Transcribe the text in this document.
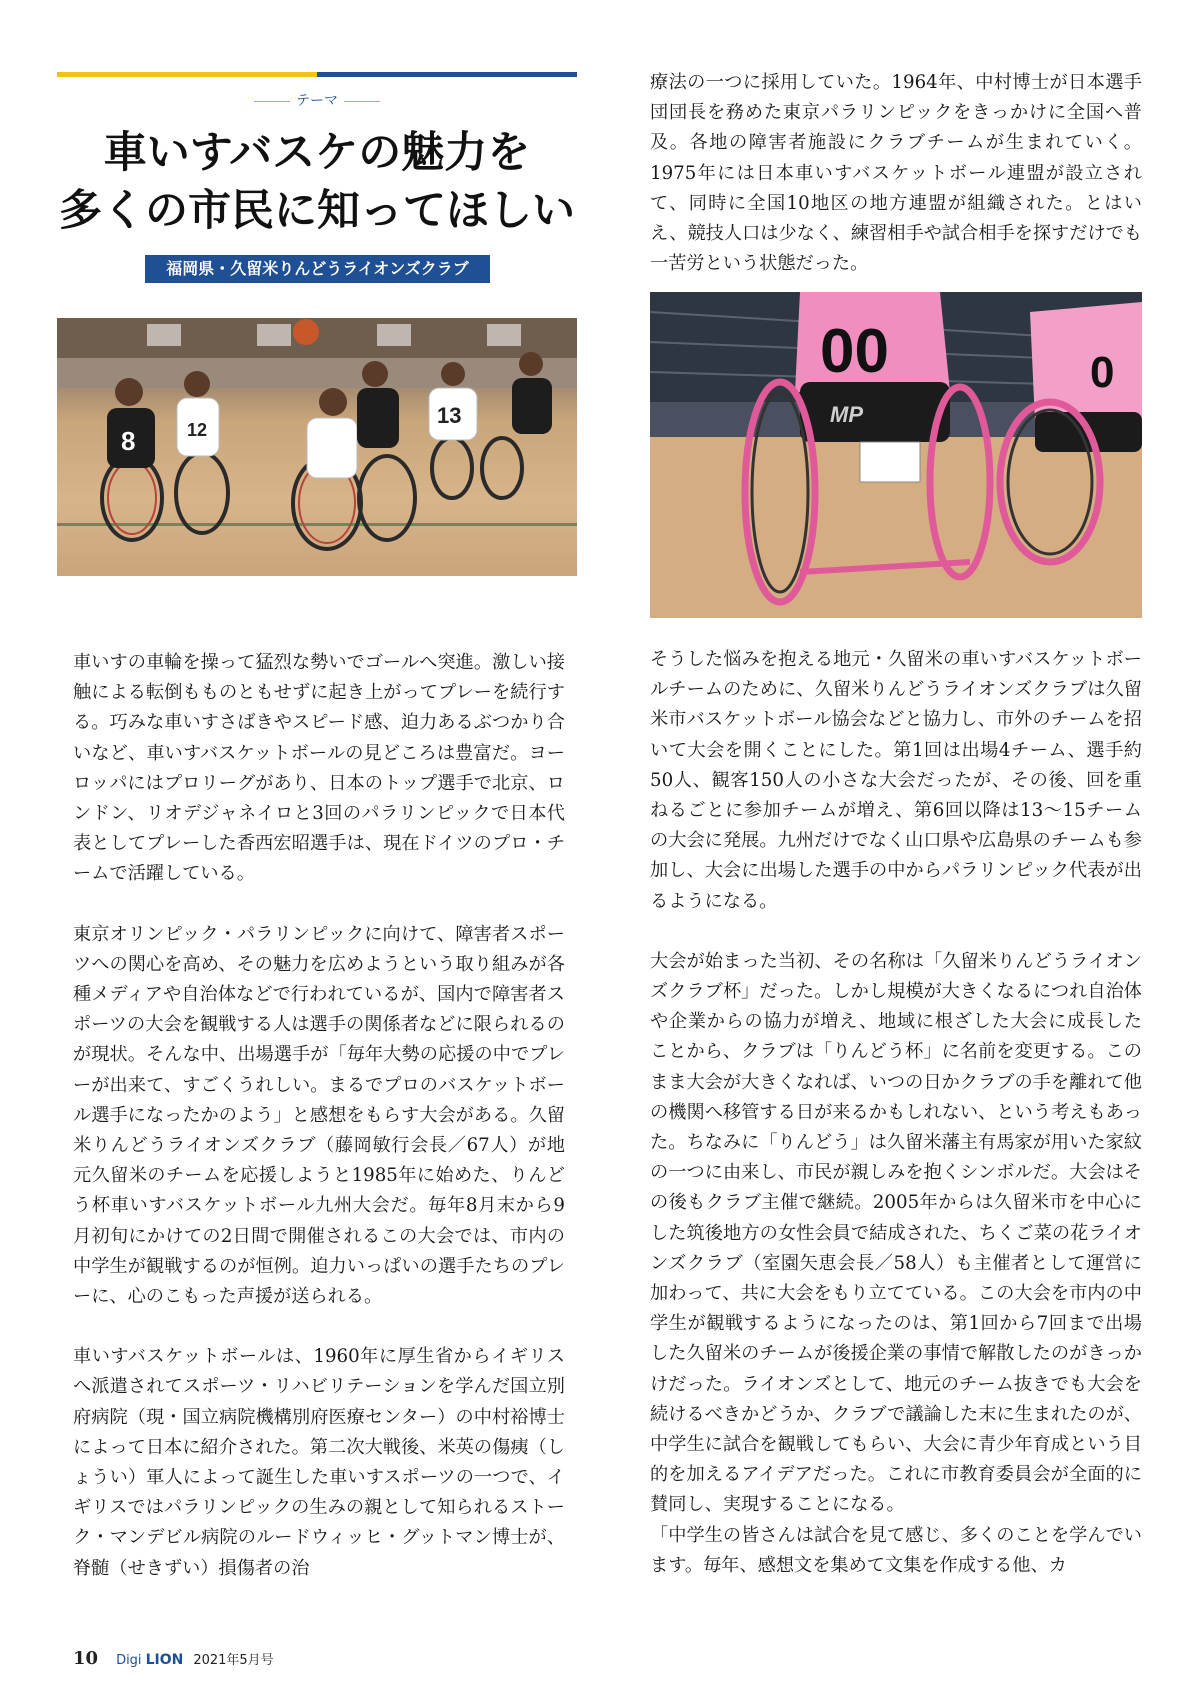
テーマ
車いすバスケの魅力を
多くの市民に知ってほしい
福岡県・久留米りんどうライオンズクラブ
8	12
13	MP
00	0

療法の一つに採用していた。1964年、中村博士が日本選手団団長を務めた東京パラリンピックをきっかけに全国へ普及。各地の障害者施設にクラブチームが生まれていく。1975年には日本車いすバスケットボール連盟が設立されて、同時に全国10地区の地方連盟が組織された。とはいえ、競技人口は少なく、練習相手や試合相手を探すだけでも一苦労という状態だった。

車いすの車輪を操って猛烈な勢いでゴールへ突進。激しい接触による転倒もものともせずに起き上がってプレーを続行する。巧みな車いすさばきやスピード感、迫力あるぶつかり合いなど、車いすバスケットボールの見どころは豊富だ。ヨーロッパにはプロリーグがあり、日本のトップ選手で北京、ロンドン、リオデジャネイロと3回のパラリンピックで日本代表としてプレーした香西宏昭選手は、現在ドイツのプロ・チームで活躍している。

東京オリンピック・パラリンピックに向けて、障害者スポーツへの関心を高め、その魅力を広めようという取り組みが各種メディアや自治体などで行われているが、国内で障害者スポーツの大会を観戦する人は選手の関係者などに限られるのが現状。そんな中、出場選手が「毎年大勢の応援の中でプレーが出来て、すごくうれしい。まるでプロのバスケットボール選手になったかのよう」と感想をもらす大会がある。久留米りんどうライオンズクラブ（藤岡敏行会長／67人）が地元久留米のチームを応援しようと1985年に始めた、りんどう杯車いすバスケットボール九州大会だ。毎年8月末から9月初旬にかけての2日間で開催されるこの大会では、市内の中学生が観戦するのが恒例。迫力いっぱいの選手たちのプレーに、心のこもった声援が送られる。

車いすバスケットボールは、1960年に厚生省からイギリスへ派遣されてスポーツ・リハビリテーションを学んだ国立別府病院（現・国立病院機構別府医療センター）の中村裕博士によって日本に紹介された。第二次大戦後、米英の傷痍（しょうい）軍人によって誕生した車いすスポーツの一つで、イギリスではパラリンピックの生みの親として知られるストーク・マンデビル病院のルードウィッヒ・グットマン博士が、脊髄（せきずい）損傷者の治

そうした悩みを抱える地元・久留米の車いすバスケットボールチームのために、久留米りんどうライオンズクラブは久留米市バスケットボール協会などと協力し、市外のチームを招いて大会を開くことにした。第1回は出場4チーム、選手約50人、観客150人の小さな大会だったが、その後、回を重ねるごとに参加チームが増え、第6回以降は13～15チームの大会に発展。九州だけでなく山口県や広島県のチームも参加し、大会に出場した選手の中からパラリンピック代表が出るようになる。

大会が始まった当初、その名称は「久留米りんどうライオンズクラブ杯」だった。しかし規模が大きくなるにつれ自治体や企業からの協力が増え、地域に根ざした大会に成長したことから、クラブは「りんどう杯」に名前を変更する。このまま大会が大きくなれば、いつの日かクラブの手を離れて他の機関へ移管する日が来るかもしれない、という考えもあった。ちなみに「りんどう」は久留米藩主有馬家が用いた家紋の一つに由来し、市民が親しみを抱くシンボルだ。大会はその後もクラブ主催で継続。2005年からは久留米市を中心にした筑後地方の女性会員で結成された、ちくご菜の花ライオンズクラブ（室園矢恵会長／58人）も主催者として運営に加わって、共に大会をもり立てている。この大会を市内の中学生が観戦するようになったのは、第1回から7回まで出場した久留米のチームが後援企業の事情で解散したのがきっかけだった。ライオンズとして、地元のチーム抜きでも大会を続けるべきかどうか、クラブで議論した末に生まれたのが、中学生に試合を観戦してもらい、大会に青少年育成という目的を加えるアイデアだった。これに市教育委員会が全面的に賛同し、実現することになる。

「中学生の皆さんは試合を見て感じ、多くのことを学んでいます。毎年、感想文を集めて文集を作成する他、カ

10 Digi LION 2021年5月号
